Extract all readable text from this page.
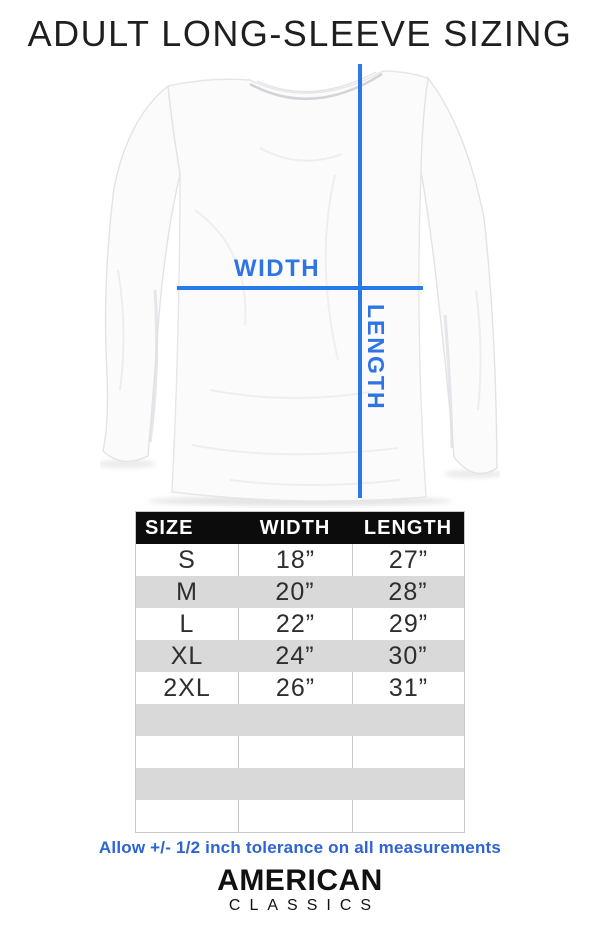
ADULT LONG-SLEEVE SIZING
WIDTH
LENGTH
SIZE	WIDTH	LENGTH
S	18”	27”
M	20”	28”
L	22”	29”
XL	24”	30”
2XL	26”	31”
Allow +/- 1/2 inch tolerance on all measurements
AMERICAN
CLASSICS
